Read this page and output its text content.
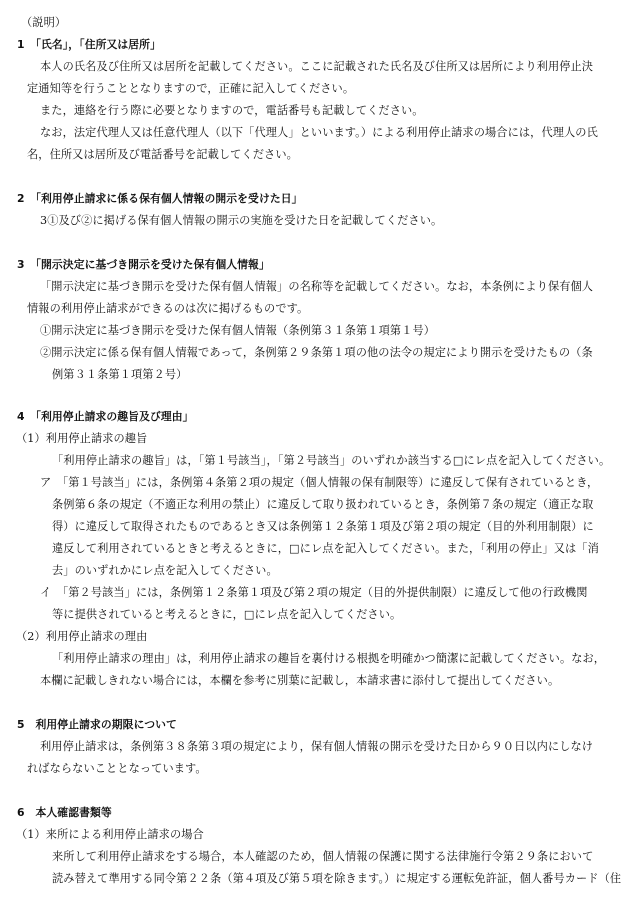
（説明）
1　「氏名」，「住所又は居所」
本人の氏名及び住所又は居所を記載してください。ここに記載された氏名及び住所又は居所により利用停止決
定通知等を行うこととなりますので，正確に記入してください。
また，連絡を行う際に必要となりますので，電話番号も記載してください。
なお，法定代理人又は任意代理人（以下「代理人」といいます。）による利用停止請求の場合には，代理人の氏
名，住所又は居所及び電話番号を記載してください。
2　「利用停止請求に係る保有個人情報の開示を受けた日」
3①及び②に掲げる保有個人情報の開示の実施を受けた日を記載してください。
3　「開示決定に基づき開示を受けた保有個人情報」
「開示決定に基づき開示を受けた保有個人情報」の名称等を記載してください。なお，本条例により保有個人
情報の利用停止請求ができるのは次に掲げるものです。
①開示決定に基づき開示を受けた保有個人情報（条例第３１条第１項第１号）
②開示決定に係る保有個人情報であって，条例第２９条第１項の他の法令の規定により開示を受けたもの（条
例第３１条第１項第２号）
4　「利用停止請求の趣旨及び理由」
（1）利用停止請求の趣旨
「利用停止請求の趣旨」は，「第１号該当」，「第２号該当」のいずれか該当する□にレ点を記入してください。
ア　「第１号該当」には，条例第４条第２項の規定（個人情報の保有制限等）に違反して保有されているとき，
条例第６条の規定（不適正な利用の禁止）に違反して取り扱われているとき，条例第７条の規定（適正な取
得）に違反して取得されたものであるとき又は条例第１２条第１項及び第２項の規定（目的外利用制限）に
違反して利用されているときと考えるときに，□にレ点を記入してください。また，「利用の停止」又は「消
去」のいずれかにレ点を記入してください。
イ　「第２号該当」には，条例第１２条第１項及び第２項の規定（目的外提供制限）に違反して他の行政機関
等に提供されていると考えるときに，□にレ点を記入してください。
（2）利用停止請求の理由
「利用停止請求の理由」は，利用停止請求の趣旨を裏付ける根拠を明確かつ簡潔に記載してください。なお，
本欄に記載しきれない場合には，本欄を参考に別葉に記載し，本請求書に添付して提出してください。
5　利用停止請求の期限について
利用停止請求は，条例第３８条第３項の規定により，保有個人情報の開示を受けた日から９０日以内にしなけ
ればならないこととなっています。
6　本人確認書類等
（1）来所による利用停止請求の場合
来所して利用停止請求をする場合，本人確認のため，個人情報の保護に関する法律施行令第２９条において
読み替えて準用する同令第２２条（第４項及び第５項を除きます。）に規定する運転免許証，個人番号カード（住
